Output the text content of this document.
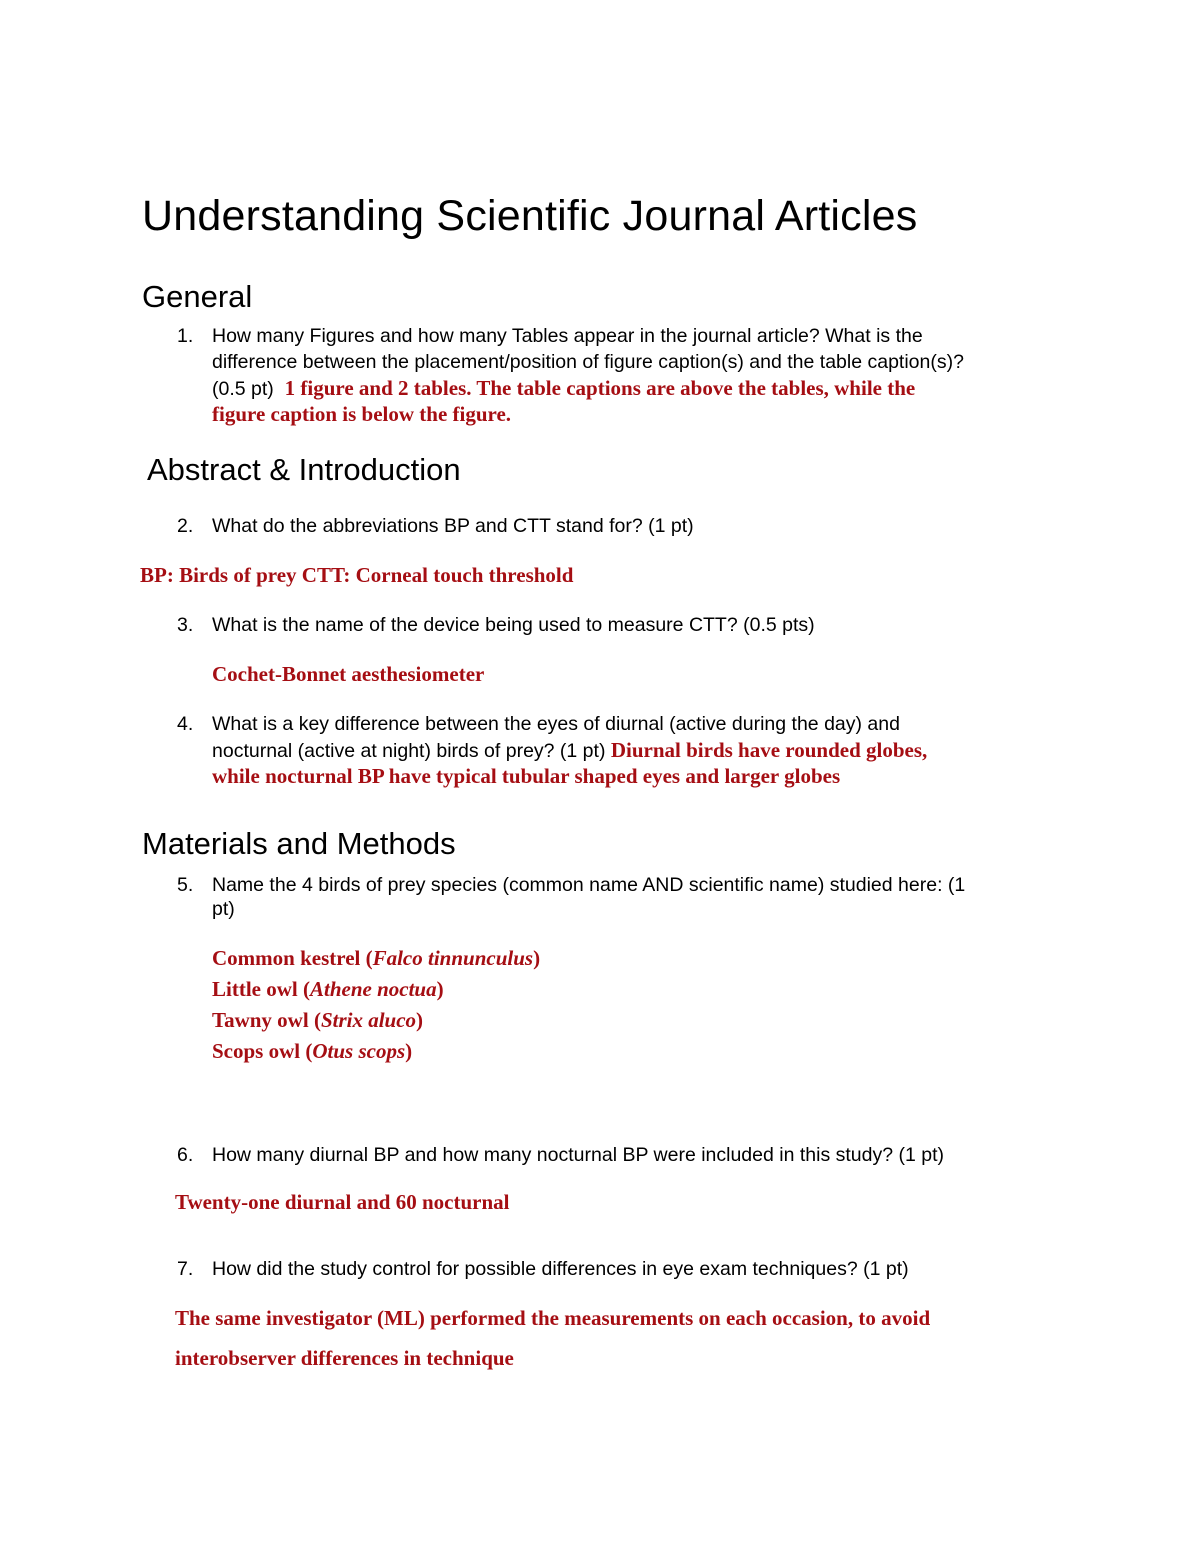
Understanding Scientific Journal Articles
General
1. How many Figures and how many Tables appear in the journal article? What is the
difference between the placement/position of figure caption(s) and the table caption(s)?
(0.5 pt) 1 figure and 2 tables. The table captions are above the tables, while the
figure caption is below the figure.
Abstract & Introduction
2. What do the abbreviations BP and CTT stand for? (1 pt)
BP: Birds of prey CTT: Corneal touch threshold
3. What is the name of the device being used to measure CTT? (0.5 pts)
Cochet-Bonnet aesthesiometer
4. What is a key difference between the eyes of diurnal (active during the day) and
nocturnal (active at night) birds of prey? (1 pt) Diurnal birds have rounded globes,
while nocturnal BP have typical tubular shaped eyes and larger globes
Materials and Methods
5. Name the 4 birds of prey species (common name AND scientific name) studied here: (1
pt)
Common kestrel (Falco tinnunculus)
Little owl (Athene noctua)
Tawny owl (Strix aluco)
Scops owl (Otus scops)
6. How many diurnal BP and how many nocturnal BP were included in this study? (1 pt)
Twenty-one diurnal and 60 nocturnal
7. How did the study control for possible differences in eye exam techniques? (1 pt)
The same investigator (ML) performed the measurements on each occasion, to avoid
interobserver differences in technique
